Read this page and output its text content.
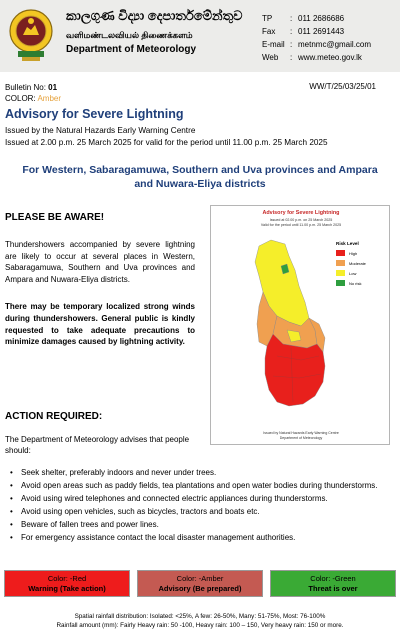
කාලගුණ විද්‍යා දෙපාර්තමේන්තුව
வளிமண்டலவியல் திணைக்களம்
Department of Meteorology
TP	: 011 2686686
Fax	: 011 2691443
E-mail : metnmc@gmail.com
Web	: www.meteo.gov.lk
Bulletin No: 01
COLOR: Amber
WW/T/25/03/25/01
Advisory for Severe Lightning
Issued by the Natural Hazards Early Warning Centre
Issued at 2.00 p.m. 25 March 2025 for valid for the period until 11.00 p.m. 25 March 2025
For Western, Sabaragamuwa, Southern and Uva provinces and Ampara and Nuwara-Eliya districts
PLEASE BE AWARE!
Thundershowers accompanied by severe lightning are likely to occur at several places in Western, Sabaragamuwa, Southern and Uva provinces and Ampara and Nuwara-Eliya districts.
There may be temporary localized strong winds during thundershowers. General public is kindly requested to take adequate precautions to minimize damages caused by lightning activity.
Advisory for Severe Lightning
Issued at 02.00 p.m. on 25 March 2025
Valid for the period until 11.00 p.m. 25 March 2025
Risk Level
High
Moderate
Low
No risk
Issued by Natural Hazards Early Warning Centre
Department of Meteorology
ACTION REQUIRED:
The Department of Meteorology advises that people should:
• Seek shelter, preferably indoors and never under trees.
• Avoid open areas such as paddy fields, tea plantations and open water bodies during thunderstorms.
• Avoid using wired telephones and connected electric appliances during thunderstorms.
• Avoid using open vehicles, such as bicycles, tractors and boats etc.
• Beware of fallen trees and power lines.
• For emergency assistance contact the local disaster management authorities.
Color: -Red
Warning (Take action)
Color: -Amber
Advisory (Be prepared)
Color: -Green
Threat is over
Spatial rainfall distribution: Isolated: <25%, A few: 26-50%, Many: 51-75%, Most: 76-100%
Rainfall amount (mm): Fairly Heavy rain: 50 -100, Heavy rain: 100 – 150, Very heavy rain: 150 or more.
